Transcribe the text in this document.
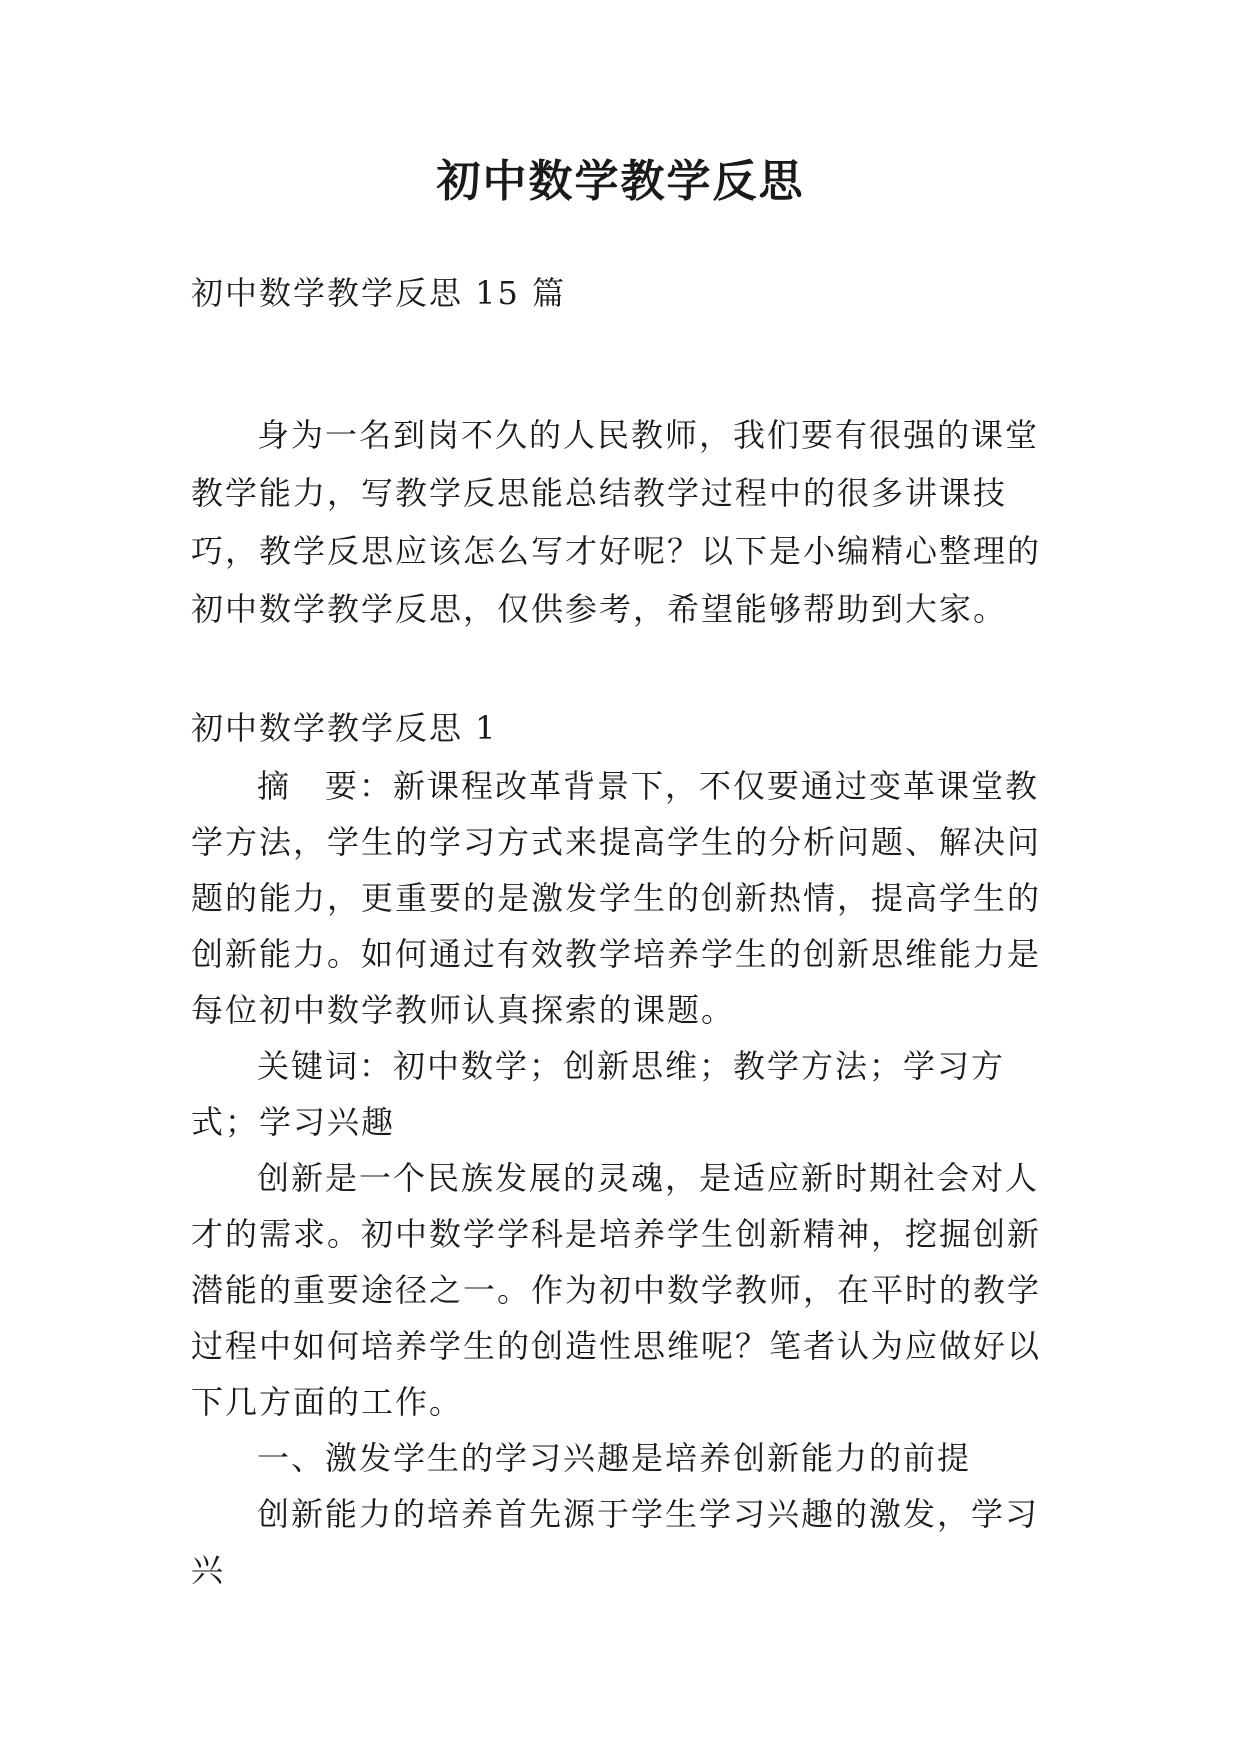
初中数学教学反思
初中数学教学反思 15 篇
身为一名到岗不久的人民教师，我们要有很强的课堂教学能力，写教学反思能总结教学过程中的很多讲课技巧，教学反思应该怎么写才好呢？以下是小编精心整理的初中数学教学反思，仅供参考，希望能够帮助到大家。

初中数学教学反思 1

摘　要：新课程改革背景下，不仅要通过变革课堂教学方法，学生的学习方式来提高学生的分析问题、解决问题的能力，更重要的是激发学生的创新热情，提高学生的创新能力。如何通过有效教学培养学生的创新思维能力是每位初中数学教师认真探索的课题。

关键词：初中数学；创新思维；教学方法；学习方式；学习兴趣

创新是一个民族发展的灵魂，是适应新时期社会对人才的需求。初中数学学科是培养学生创新精神，挖掘创新潜能的重要途径之一。作为初中数学教师，在平时的教学过程中如何培养学生的创造性思维呢？笔者认为应做好以下几方面的工作。

一、激发学生的学习兴趣是培养创新能力的前提

创新能力的培养首先源于学生学习兴趣的激发，学习兴
